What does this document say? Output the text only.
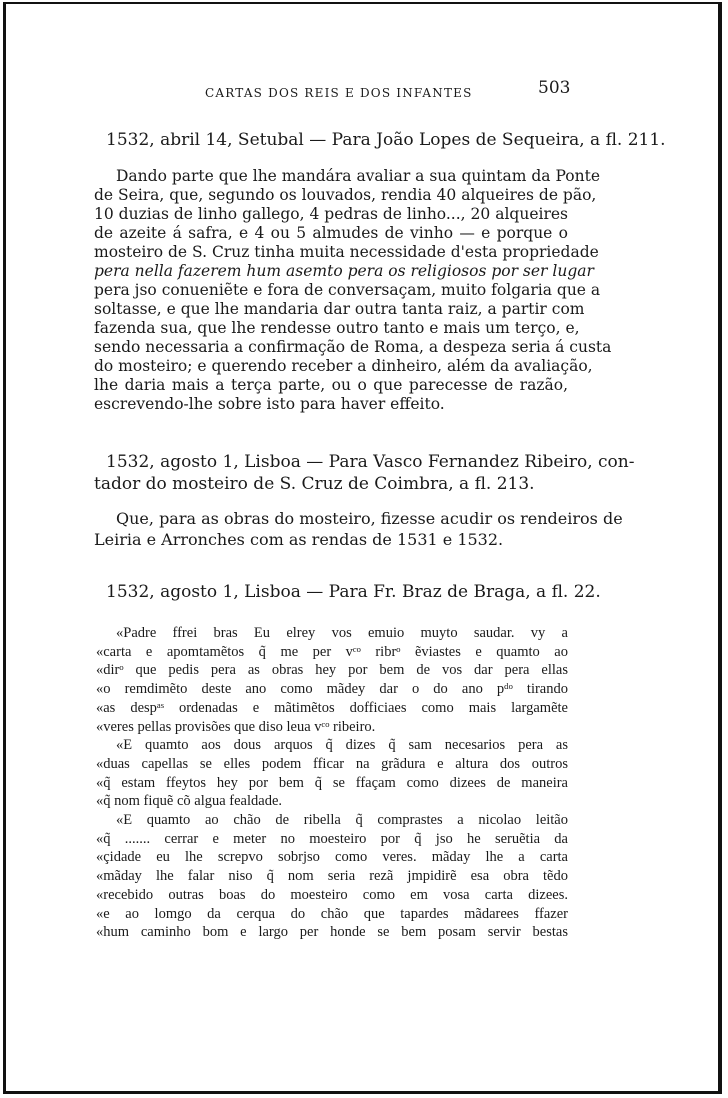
CARTAS DOS REIS E DOS INFANTES	503

1532, abril 14, Setubal — Para João Lopes de Sequeira, a fl. 211.

Dando parte que lhe mandára avaliar a sua quintam da Ponte
de Seira, que, segundo os louvados, rendia 40 alqueires de pão,
10 duzias de linho gallego, 4 pedras de linho..., 20 alqueires
de azeite á safra, e 4 ou 5 almudes de vinho — e porque o
mosteiro de S. Cruz tinha muita necessidade d'esta propriedade
pera nella fazerem hum asemto pera os religiosos por ser lugar
pera jso conueniẽte e fora de conversaçam, muito folgaria que a
soltasse, e que lhe mandaria dar outra tanta raiz, a partir com
fazenda sua, que lhe rendesse outro tanto e mais um terço, e,
sendo necessaria a confirmação de Roma, a despeza seria á custa
do mosteiro; e querendo receber a dinheiro, além da avaliação,
lhe daria mais a terça parte, ou o que parecesse de razão,
escrevendo-lhe sobre isto para haver effeito.
1532, agosto 1, Lisboa — Para Vasco Fernandez Ribeiro, con-
tador do mosteiro de S. Cruz de Coimbra, a fl. 213.
Que, para as obras do mosteiro, fizesse acudir os rendeiros de
Leiria e Arronches com as rendas de 1531 e 1532.

1532, agosto 1, Lisboa — Para Fr. Braz de Braga, a fl. 22.

«Padre ffrei bras Eu elrey vos emuio muyto saudar. vy a
«carta e apomtamẽtos q̃ me per vᶜᵒ ribrᵒ ẽviastes e quamto ao
«dirᵒ que pedis pera as obras hey por bem de vos dar pera ellas
«o remdimẽto deste ano como mãdey dar o do ano pᵈᵒ tirando
«as despᵃˢ ordenadas e mãtimẽtos dofficiaes como mais largamẽte
«veres pellas provisões que diso leua vᶜᵒ ribeiro.
«E quamto aos dous arquos q̃ dizes q̃ sam necesarios pera as
«duas capellas se elles podem fficar na grãdura e altura dos outros
«q̃ estam ffeytos hey por bem q̃ se ffaçam como dizees de maneira
«q̃ nom fiquẽ cõ algua fealdade.
«E quamto ao chão de ribella q̃ comprastes a nicolao leitão
«q̃ ....... cerrar e meter no moesteiro por q̃ jso he seruẽtia da
«çidade eu lhe screpvo sobrjso como veres. mãday lhe a carta
«mãday lhe falar niso q̃ nom seria rezã jmpidirẽ esa obra tẽdo
«recebido outras boas do moesteiro como em vosa carta dizees.
«e ao lomgo da cerqua do chão que tapardes mãdarees ffazer
«hum caminho bom e largo per honde se bem posam servir bestas
